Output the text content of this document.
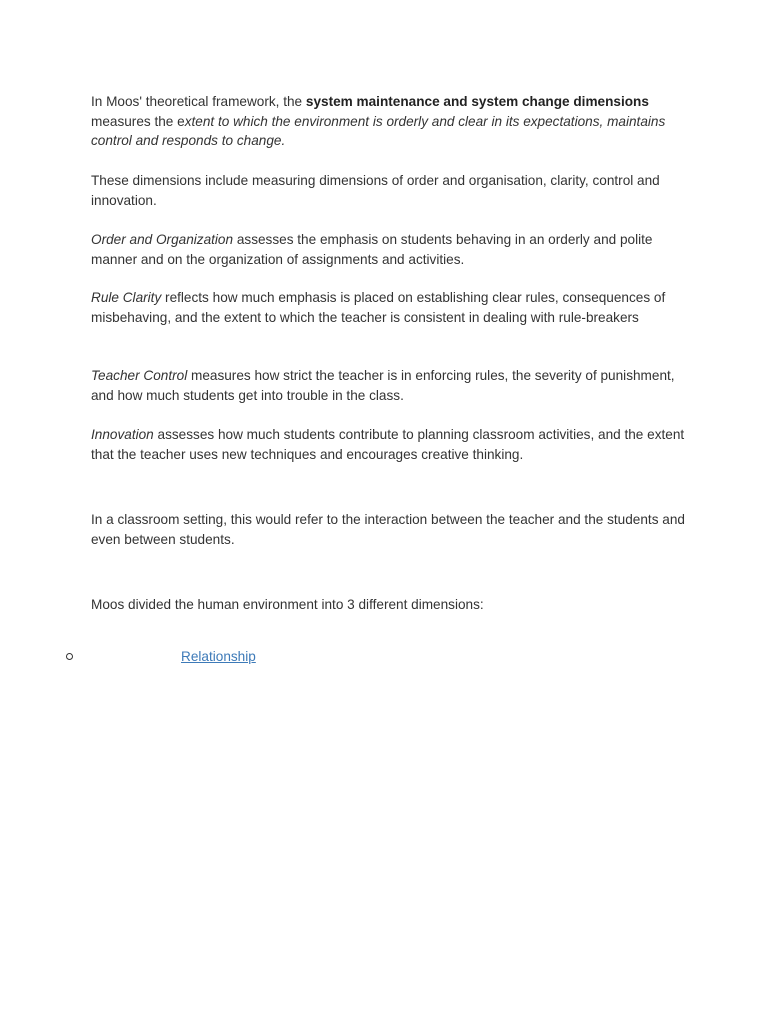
In Moos' theoretical framework, the system maintenance and system change dimensions measures the extent to which the environment is orderly and clear in its expectations, maintains control and responds to change.

These dimensions include measuring dimensions of order and organisation, clarity, control and innovation.

Order and Organization assesses the emphasis on students behaving in an orderly and polite manner and on the organization of assignments and activities.

Rule Clarity reflects how much emphasis is placed on establishing clear rules, consequences of misbehaving, and the extent to which the teacher is consistent in dealing with rule-breakers

Teacher Control measures how strict the teacher is in enforcing rules, the severity of punishment, and how much students get into trouble in the class.

Innovation assesses how much students contribute to planning classroom activities, and the extent that the teacher uses new techniques and encourages creative thinking.

In a classroom setting, this would refer to the interaction between the teacher and the students and even between students.

Moos divided the human environment into 3 different dimensions:

Relationship
